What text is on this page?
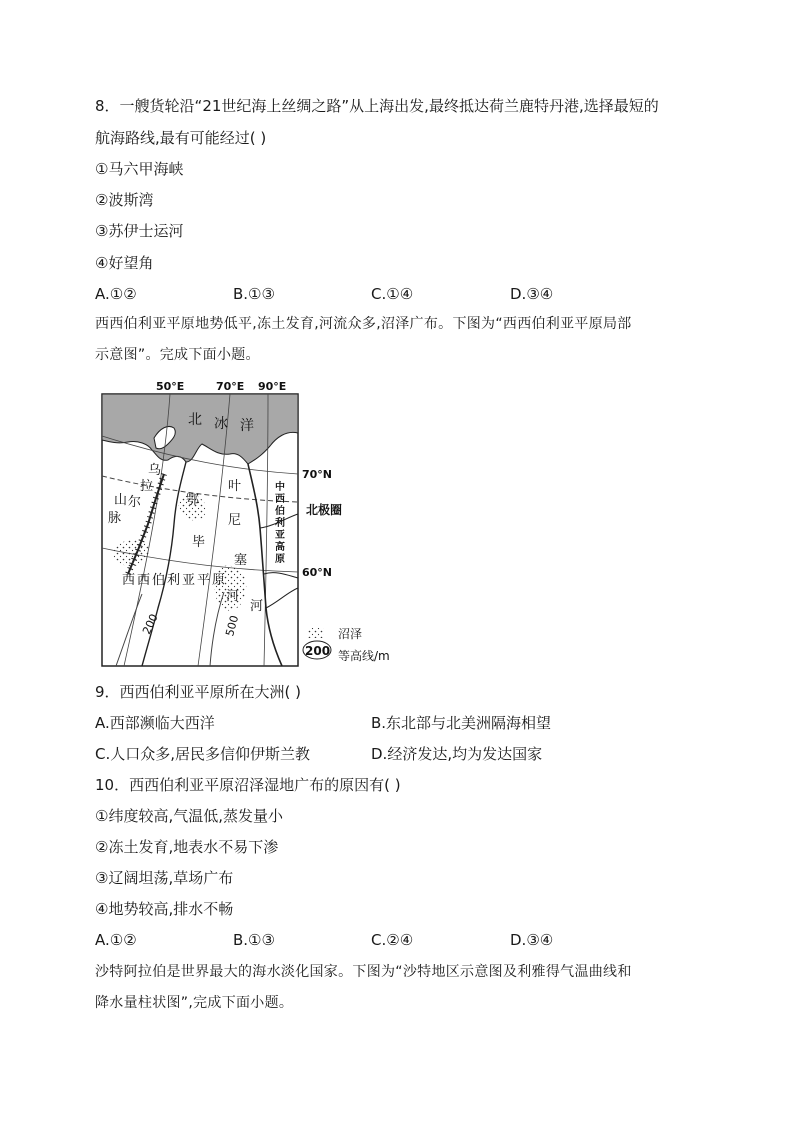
8．一艘货轮沿“21世纪海上丝绸之路”从上海出发,最终抵达荷兰鹿特丹港,选择最短的
航海路线,最有可能经过( )
①马六甲海峡
②波斯湾
③苏伊士运河
④好望角
A.①②	B.①③	C.①④	D.③④
西西伯利亚平原地势低平,冻土发育,河流众多,沼泽广布。下图为“西西伯利亚平原局部
示意图”。完成下面小题。
50°E	70°E 90°E
70°N
60°N
北极圈
北 冰 洋
乌
拉
尔
山
脉
鄂
毕
叶
尼
塞
河
河
中
西
伯
利
亚
高
原
西西伯利亚平原
200	500	沼泽
200 等高线/m
9．西西伯利亚平原所在大洲( )
A.西部濒临大西洋	B.东北部与北美洲隔海相望
C.人口众多,居民多信仰伊斯兰教	D.经济发达,均为发达国家
10．西西伯利亚平原沼泽湿地广布的原因有( )
①纬度较高,气温低,蒸发量小
②冻土发育,地表水不易下渗
③辽阔坦荡,草场广布
④地势较高,排水不畅
A.①②	B.①③	C.②④	D.③④
沙特阿拉伯是世界最大的海水淡化国家。下图为“沙特地区示意图及利雅得气温曲线和
降水量柱状图”,完成下面小题。
